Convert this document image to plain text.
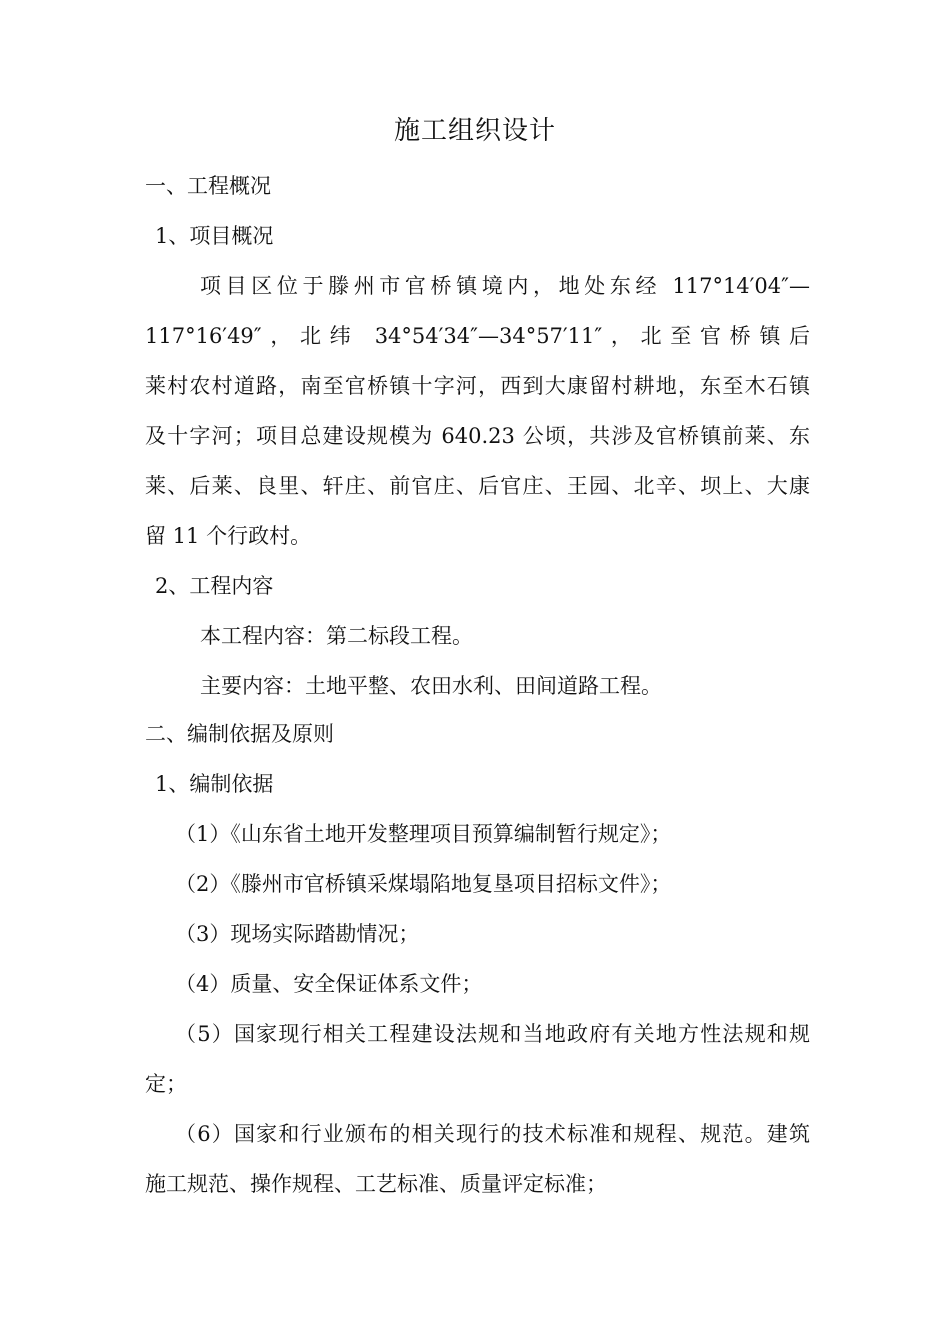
施工组织设计
一、工程概况
1、项目概况
项目区位于滕州市官桥镇境内，地处东经 117°14′04″—
117°16′49″，北纬 34°54′34″—34°57′11″，北至官桥镇后
莱村农村道路，南至官桥镇十字河，西到大康留村耕地，东至木石镇
及十字河；项目总建设规模为 640.23 公顷，共涉及官桥镇前莱、东
莱、后莱、良里、轩庄、前官庄、后官庄、王园、北辛、坝上、大康
留 11 个行政村。
2、工程内容
本工程内容：第二标段工程。
主要内容：土地平整、农田水利、田间道路工程。
二、编制依据及原则
1、编制依据
（1）《山东省土地开发整理项目预算编制暂行规定》；
（2）《滕州市官桥镇采煤塌陷地复垦项目招标文件》；
（3）现场实际踏勘情况；
（4）质量、安全保证体系文件；
（5）国家现行相关工程建设法规和当地政府有关地方性法规和规
定；
（6）国家和行业颁布的相关现行的技术标准和规程、规范。建筑
施工规范、操作规程、工艺标准、质量评定标准；
